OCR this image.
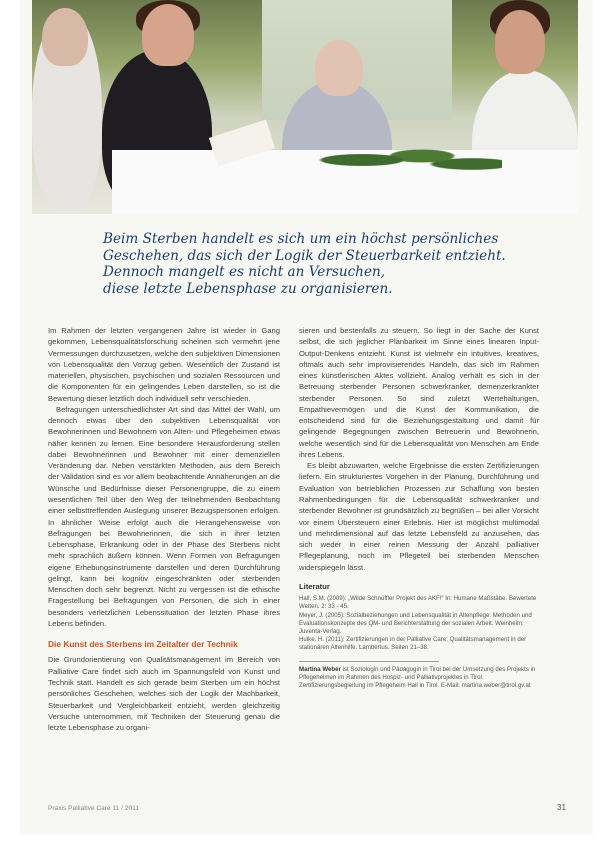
Beim Sterben handelt es sich um ein höchst persönliches
Geschehen, das sich der Logik der Steuerbarkeit entzieht.
Dennoch mangelt es nicht an Versuchen,
diese letzte Lebensphase zu organisieren.

Im Rahmen der letzten vergangenen Jahre ist wieder in Gang gekommen, Lebensqualitätsforschung scheinen sich vermehrt jene Vermessungen durchzusetzen, welche den subjektiven Dimensionen von Lebensqualität den Vorzug geben. Wesentlich der Zustand ist materiellen, physischen, psychischen und sozialen Ressourcen und die Komponenten für ein gelingendes Leben darstellen, so ist die Bewertung dieser letztlich doch individuell sehr verschieden.

Befragungen unterschiedlichster Art sind das Mittel der Wahl, um dennoch etwas über den subjektiven Lebensqualität von Bewohnerinnen und Bewohnern von Alten- und Pflegeheimen etwas näher kennen zu lernen. Eine besondere Herausforderung stellen dabei Bewohnerinnen und Bewohner mit einer demenziellen Veränderung dar. Neben verstärkten Methoden, aus dem Bereich der Validation sind es vor allem beobachtende Annäherungen an die Wünsche und Bedürfnisse dieser Personengruppe, die zu einem wesentlichen Teil über den Weg der teilnehmenden Beobachtung einer selbsttreffenden Auslegung unserer Bezugspersonen erfolgen. In ähnlicher Weise erfolgt auch die Herangehensweise von Befragungen bei Bewohnerinnen, die sich in ihrer letzten Lebensphase, Erkrankung oder in der Phase des Sterbens nicht mehr sprachlich äußern können. Wenn Formen von Befragungen eigene Erhebungsinstrumente darstellen und deren Durchführung gelingt, kann bei kognitiv eingeschränkten oder sterbenden Menschen doch sehr begrenzt. Nicht zu vergessen ist die ethische Fragestellung bei Befragungen von Personen, die sich in einer besonders verletzlichen Lebenssituation der letzten Phase ihres Lebens befinden.

Die Kunst des Sterbens im Zeitalter der Technik

Die Grundorientierung von Qualitätsmanagement im Bereich von Palliative Care findet sich auch im Spannungsfeld von Kunst und Technik statt. Handelt es sich gerade beim Sterben um ein höchst persönliches Geschehen, welches sich der Logik der Machbarkeit, Steuerbarkeit und Vergleichbarkeit entzieht, werden gleichzeitig Versuche unternommen, mit Techniken der Steuerung genau die letzte Lebensphase zu organi-

sieren und bestenfalls zu steuern. So liegt in der Sache der Kunst selbst, die sich jeglicher Planbarkeit im Sinne eines linearen Input-Output-Denkens entzieht. Kunst ist vielmehr ein intuitives, kreatives, oftmals auch sehr improvisierendes Handeln, das sich im Rahmen eines künstlerischen Aktes vollzieht. Analog verhält es sich in der Betreuung sterbender Personen schwerkranker, demenzerkrankter sterbender Personen. So sind zuletzt Wertehaltungen, Empathievermögen und die Kunst der Kommunikation, die entscheidend sind für die Beziehungsgestaltung und damit für gelingende Begegnungen zwischen Betreuerin und Bewohnerin, welche wesentlich sind für die Lebensqualität von Menschen am Ende ihres Lebens.

Es bleibt abzuwarten, welche Ergebnisse die ersten Zertifizierungen liefern. Ein strukturiertes Vorgehen in der Planung, Durchführung und Evaluation von betrieblichen Prozessen zur Schaffung von besten Rahmenbedingungen für die Lebensqualität schwerkranker und sterbender Bewohner ist grundsätzlich zu begrüßen – bei aller Vorsicht vor einem Übersteuern einer Erlebnis. Hier ist möglichst multimodal und mehrdimensional auf das letzte Lebensfeld zu anzusehen, das sich weder in einer reinen Messung der Anzahl palliativer Pflegeplanung, noch im Pflegeteil bei sterbenden Menschen widerspiegeln lässt.

Literatur

Hall, S.M. (2009): „Wilde Schnüffler Projekt des AKF!“ In: Humane Maßstäbe. Bewertete Welten. 2: 33 - 45.

Meyer, J. (2005): Sozialbeziehungen und Lebensqualität in Altenpflege: Methoden und Evaluationskonzepte des QM- und Berichterstattung der sozialen Arbeit. Weinheim: Juventa-Verlag.

Hulke, H. (2011): Zertifizierungen in der Palliative Care: Qualitätsmanagement in der stationären Altenhilfe. Lambertus. Seiten 21–38.

Martina Weber ist Soziologin und Pädagogin in Tirol bei der Umsetzung des Projekts in Pflegeheimen im Rahmen des Hospiz- und Palliativprojektes in Tirol. Zertifizierungsbegleitung im Pflegeheim Hall in Tirol. E-Mail: martina.weber@tirol.gv.at
Praxis Palliative Care 11 / 2011	31
